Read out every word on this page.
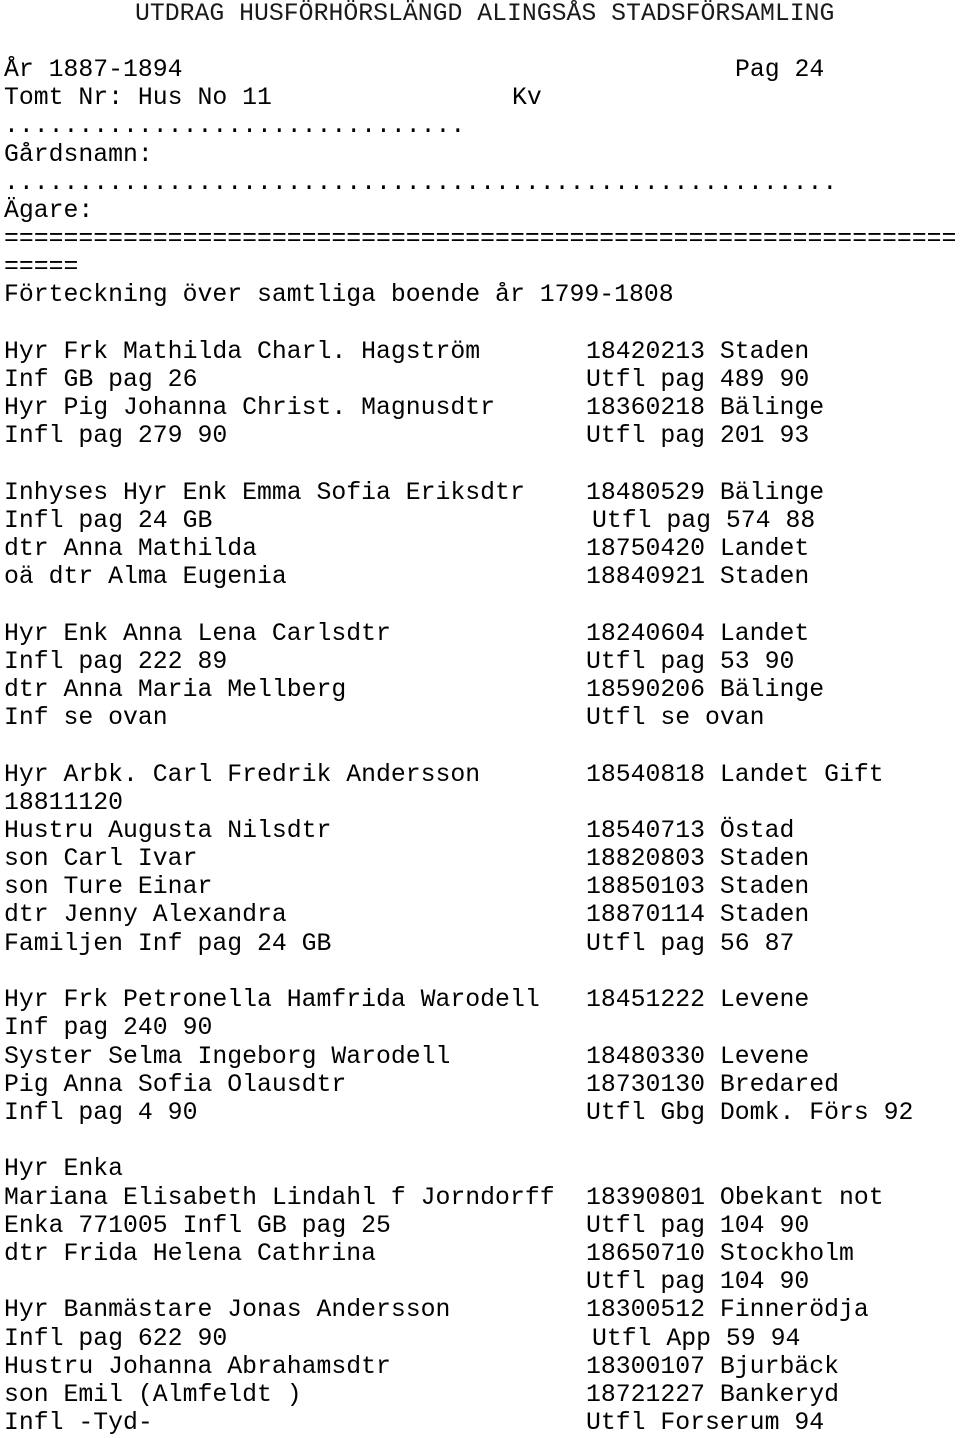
UTDRAG HUSFÖRHÖRSLÄNGD ALINGSÅS STADSFÖRSAMLING
År 1887-1894	Pag 24
Tomt Nr: Hus No 11	Kv
...............................
Gårdsnamn:
........................................................
Ägare:
================================================================
=====
Förteckning över samtliga boende år 1799-1808
Hyr Frk Mathilda Charl. Hagström	18420213 Staden
Inf GB pag 26	Utfl pag 489 90
Hyr Pig Johanna Christ. Magnusdtr	18360218 Bälinge
Infl pag 279 90	Utfl pag 201 93
Inhyses Hyr Enk Emma Sofia Eriksdtr 18480529 Bälinge
Infl pag 24 GB	Utfl pag 574 88
dtr Anna Mathilda	18750420 Landet
oä dtr Alma Eugenia	18840921 Staden
Hyr Enk Anna Lena Carlsdtr	18240604 Landet
Infl pag 222 89	Utfl pag 53 90
dtr Anna Maria Mellberg	18590206 Bälinge
Inf se ovan	Utfl se ovan
Hyr Arbk. Carl Fredrik Andersson	18540818 Landet Gift
18811120
Hustru Augusta Nilsdtr	18540713 Östad
son Carl Ivar	18820803 Staden
son Ture Einar	18850103 Staden
dtr Jenny Alexandra	18870114 Staden
Familjen Inf pag 24 GB	Utfl pag 56 87
Hyr Frk Petronella Hamfrida Warodell 18451222 Levene
Inf pag 240 90
Syster Selma Ingeborg Warodell	18480330 Levene
Pig Anna Sofia Olausdtr	18730130 Bredared
Infl pag 4 90	Utfl Gbg Domk. Förs 92
Hyr Enka
Mariana Elisabeth Lindahl f Jorndorff 18390801 Obekant not
Enka 771005 Infl GB pag 25	Utfl pag 104 90
dtr Frida Helena Cathrina	18650710 Stockholm
Utfl pag 104 90
Hyr Banmästare Jonas Andersson	18300512 Finnerödja
Infl pag 622 90	Utfl App 59 94
Hustru Johanna Abrahamsdtr	18300107 Bjurbäck
son Emil (Almfeldt )	18721227 Bankeryd
Infl -Tyd-	Utfl Forserum 94
